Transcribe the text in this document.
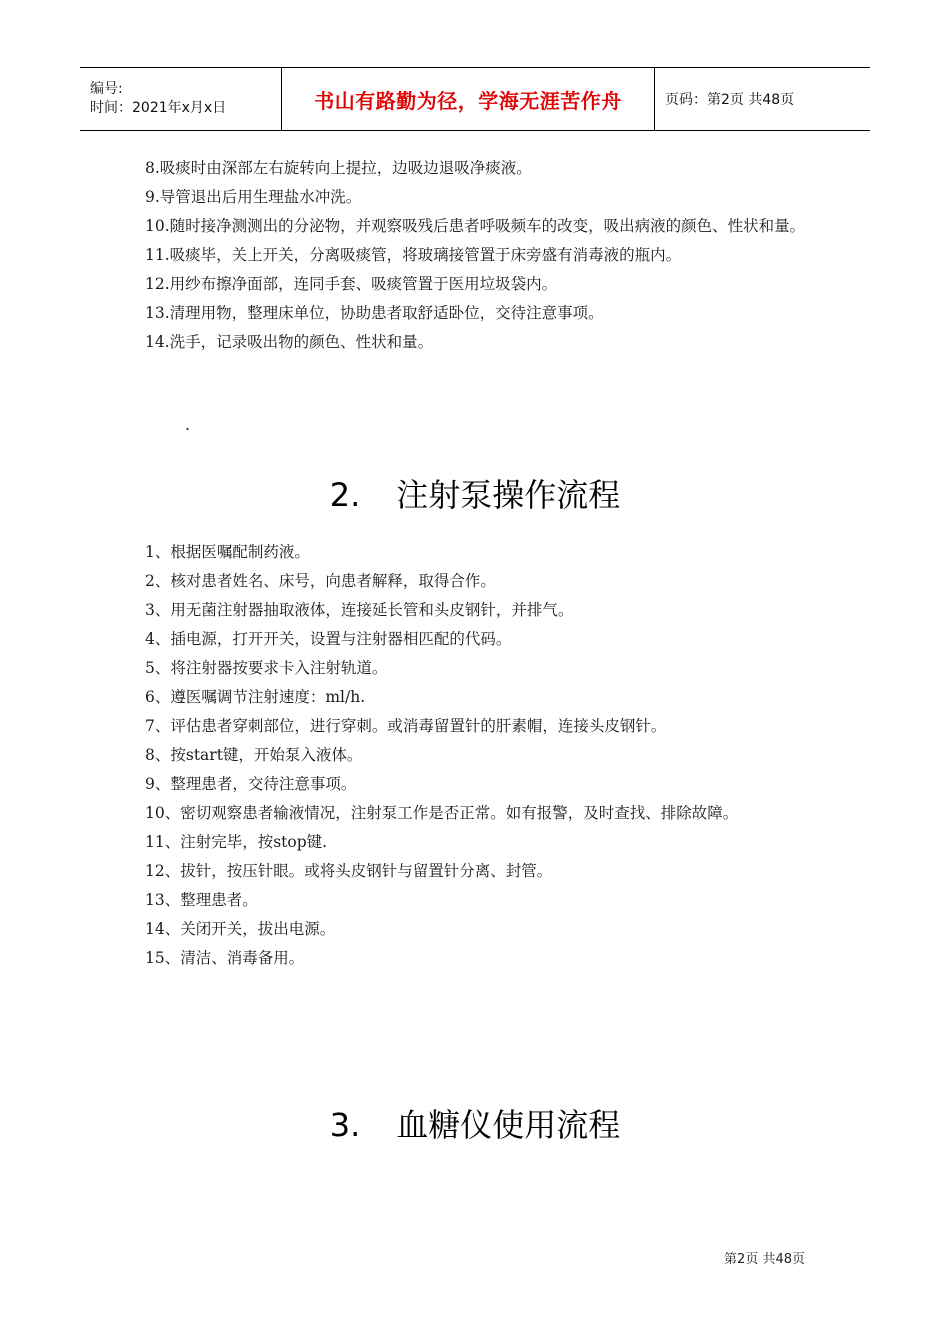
编号:
时间：2021年x月x日	书山有路勤为径，学海无涯苦作舟	页码：第2页 共48页
8.吸痰时由深部左右旋转向上提拉，边吸边退吸净痰液。
9.导管退出后用生理盐水冲洗。
10.随时接净测测出的分泌物，并观察吸残后患者呼吸频车的改变，吸出病液的颜色、性状和量。
11.吸痰毕，关上开关，分离吸痰管，将玻璃接管置于床旁盛有消毒液的瓶内。
12.用纱布擦净面部，连同手套、吸痰管置于医用垃圾袋内。
13.清理用物，整理床单位，协助患者取舒适卧位，交待注意事项。
14.洗手，记录吸出物的颜色、性状和量。
.
2. 注射泵操作流程
1、根据医嘱配制药液。
2、核对患者姓名、床号，向患者解释，取得合作。
3、用无菌注射器抽取液体，连接延长管和头皮钢针，并排气。
4、插电源，打开开关，设置与注射器相匹配的代码。
5、将注射器按要求卡入注射轨道。
6、遵医嘱调节注射速度：ml/h.
7、评估患者穿刺部位，进行穿刺。或消毒留置针的肝素帽，连接头皮钢针。
8、按start键，开始泵入液体。
9、整理患者，交待注意事项。
10、密切观察患者输液情况，注射泵工作是否正常。如有报警，及时查找、排除故障。
11、注射完毕，按stop键.
12、拔针，按压针眼。或将头皮钢针与留置针分离、封管。
13、整理患者。
14、关闭开关，拔出电源。
15、清洁、消毒备用。
3. 血糖仪使用流程
第2页 共48页
